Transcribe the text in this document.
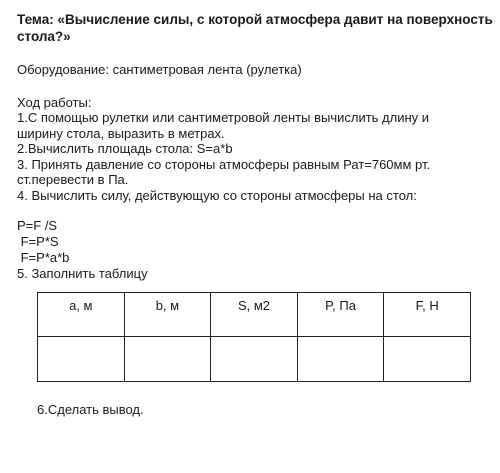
Тема: «Вычисление силы, с которой атмосфера давит на поверхность

стола?»

Оборудование: сантиметровая лента (рулетка)

Ход работы:

1.С помощью рулетки или сантиметровой ленты вычислить длину и

ширину стола, выразить в метрах.

2.Вычислить площадь стола: S=a*b

3. Принять давление со стороны атмосферы равным Рат=760мм рт.

ст.перевести в Па.

4. Вычислить силу, действующую со стороны атмосферы на стол:

P=F /S

F=P*S

F=P*a*b

5. Заполнить таблицу

а, м	b, м	S, м2	P, Па	F, Н

6.Сделать вывод.
